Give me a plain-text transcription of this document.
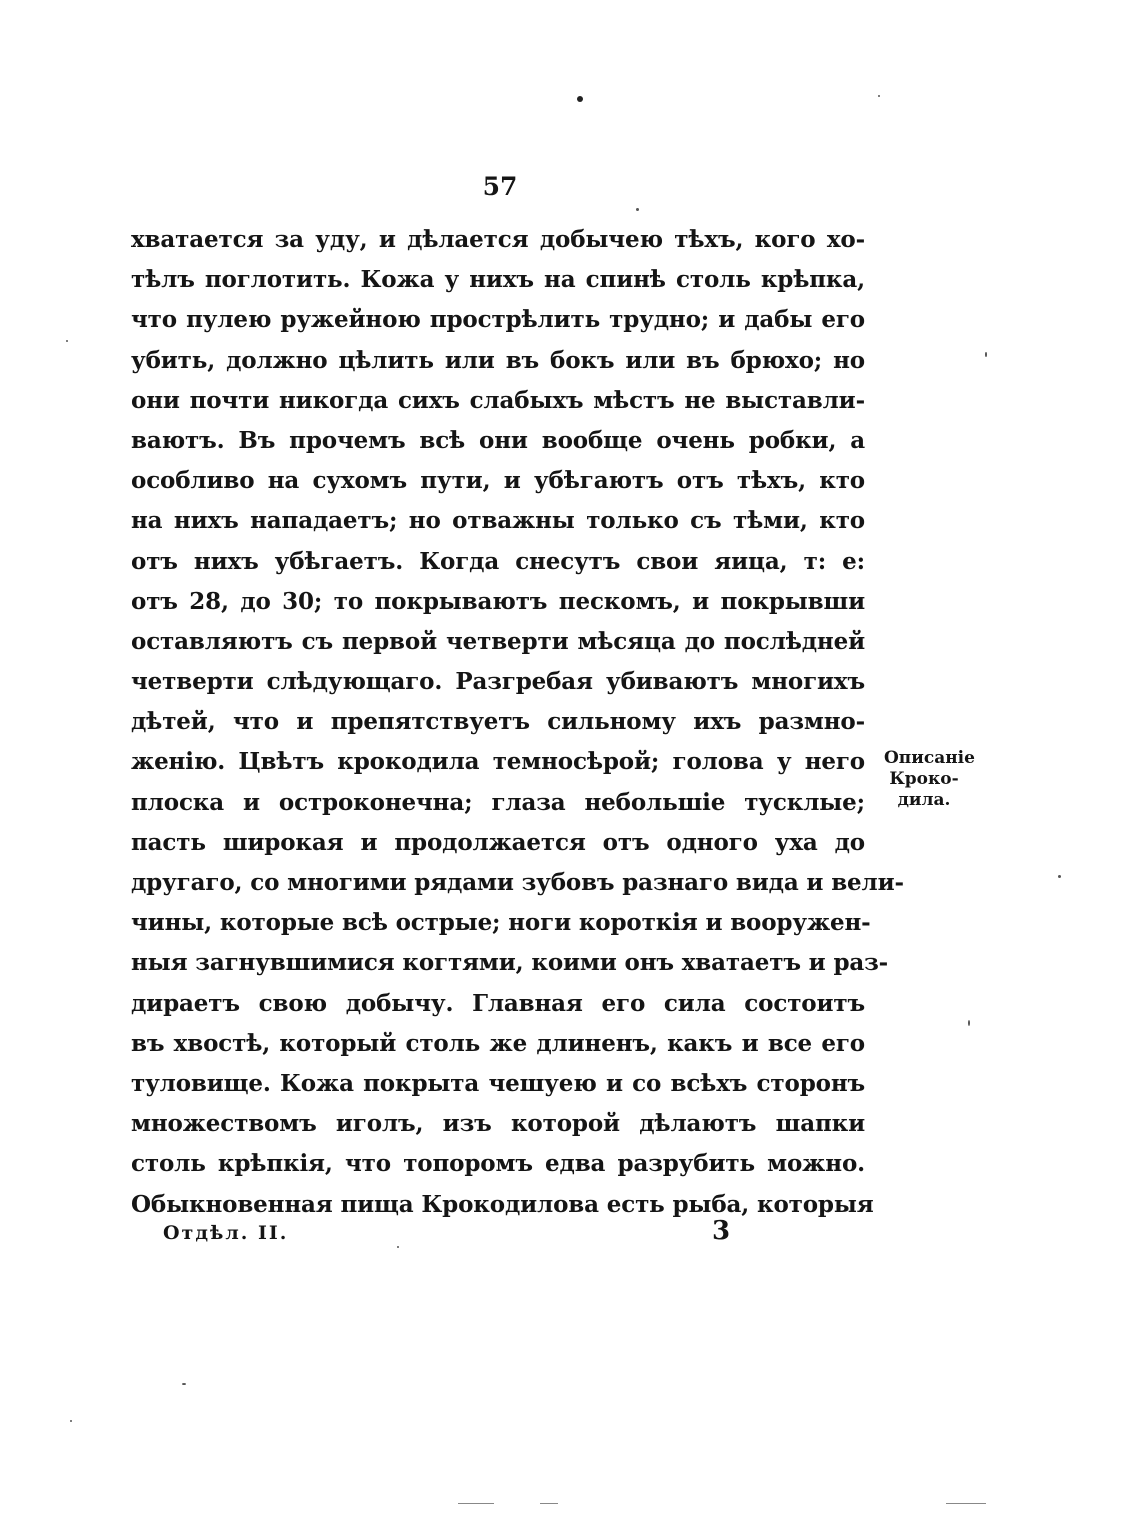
57
хватается за уду, и дѣлается добычею тѣхъ, кого хо-
тѣлъ поглотить. Кожа у нихъ на спинѣ столь крѣпка,
что пулею ружейною прострѣлить трудно; и дабы его
убить, должно цѣлить или въ бокъ или въ брюхо; но
они почти никогда сихъ слабыхъ мѣстъ не выставли-
ваютъ. Въ прочемъ всѣ они вообще очень робки, а
особливо на сухомъ пути, и убѣгаютъ отъ тѣхъ, кто
на нихъ нападаетъ; но отважны только съ тѣми, кто
отъ нихъ убѣгаетъ. Когда снесутъ свои яица, т: е:
отъ 28, до 30; то покрываютъ пескомъ, и покрывши
оставляютъ съ первой четверти мѣсяца до послѣдней
четверти слѣдующаго. Разгребая убиваютъ многихъ
дѣтей, что и препятствуетъ сильному ихъ размно-
женію. Цвѣтъ крокодила темносѣрой; голова у него
плоска и остроконечна; глаза небольшіе тусклые;
пасть широкая и продолжается отъ одного уха до
другаго, со многими рядами зубовъ разнаго вида и вели-
чины, которые всѣ острые; ноги короткія и вооружен-
ныя загнувшимися когтями, коими онъ хватаетъ и раз-
дираетъ свою добычу. Главная его сила состоитъ
въ хвостѣ, который столь же длиненъ, какъ и все его
туловище. Кожа покрыта чешуею и со всѣхъ сторонъ
множествомъ иголъ, изъ которой дѣлаютъ шапки
столь крѣпкія, что топоромъ едва разрубить можно.
Обыкновенная пища Крокодилова есть рыба, которыя
Описаніе
Кроко-
дила.
Отдѣл. II.	3
